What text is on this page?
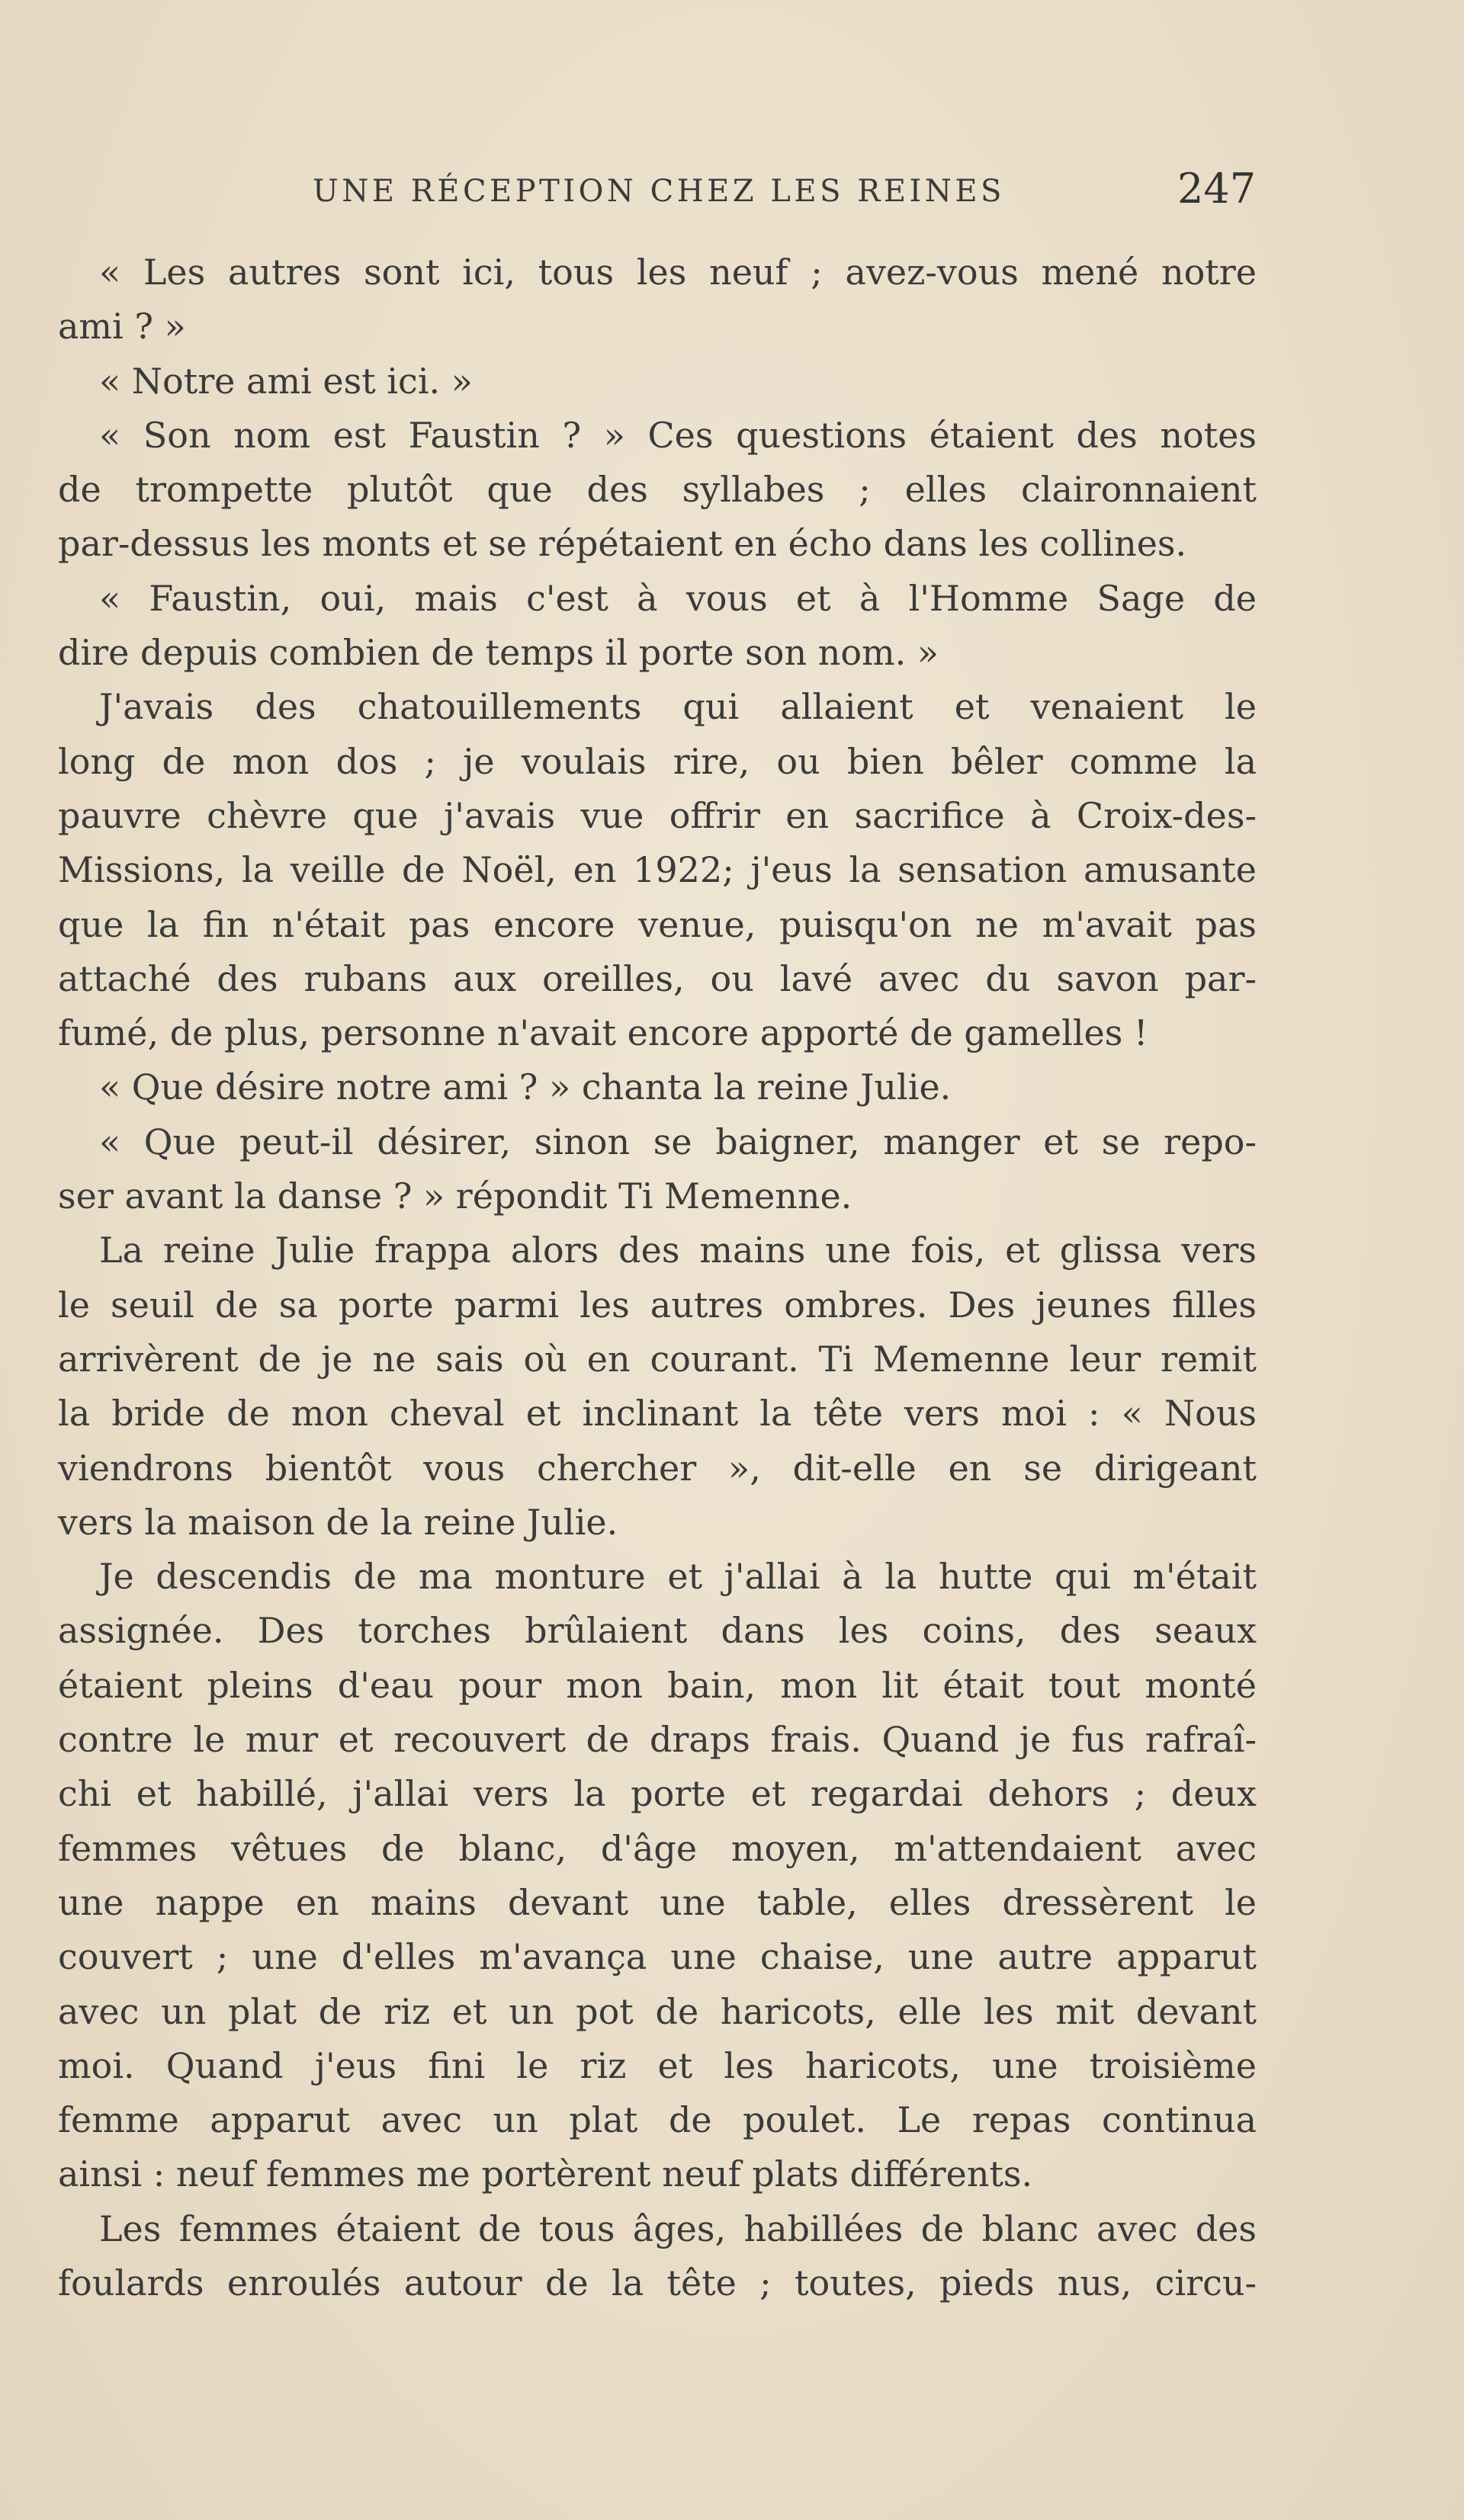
UNE RÉCEPTION CHEZ LES REINES	247
« Les autres sont ici, tous les neuf ; avez-vous mené notre
ami ? »
« Notre ami est ici. »
« Son nom est Faustin ? » Ces questions étaient des notes
de trompette plutôt que des syllabes ; elles claironnaient
par-dessus les monts et se répétaient en écho dans les collines.
« Faustin, oui, mais c'est à vous et à l'Homme Sage de
dire depuis combien de temps il porte son nom. »
J'avais des chatouillements qui allaient et venaient le
long de mon dos ; je voulais rire, ou bien bêler comme la
pauvre chèvre que j'avais vue offrir en sacrifice à Croix-des-
Missions, la veille de Noël, en 1922; j'eus la sensation amusante
que la fin n'était pas encore venue, puisqu'on ne m'avait pas
attaché des rubans aux oreilles, ou lavé avec du savon par-
fumé, de plus, personne n'avait encore apporté de gamelles !
« Que désire notre ami ? » chanta la reine Julie.
« Que peut-il désirer, sinon se baigner, manger et se repo-
ser avant la danse ? » répondit Ti Memenne.
La reine Julie frappa alors des mains une fois, et glissa vers
le seuil de sa porte parmi les autres ombres. Des jeunes filles
arrivèrent de je ne sais où en courant. Ti Memenne leur remit
la bride de mon cheval et inclinant la tête vers moi : « Nous
viendrons bientôt vous chercher », dit-elle en se dirigeant
vers la maison de la reine Julie.
Je descendis de ma monture et j'allai à la hutte qui m'était
assignée. Des torches brûlaient dans les coins, des seaux
étaient pleins d'eau pour mon bain, mon lit était tout monté
contre le mur et recouvert de draps frais. Quand je fus rafraî-
chi et habillé, j'allai vers la porte et regardai dehors ; deux
femmes vêtues de blanc, d'âge moyen, m'attendaient avec
une nappe en mains devant une table, elles dressèrent le
couvert ; une d'elles m'avança une chaise, une autre apparut
avec un plat de riz et un pot de haricots, elle les mit devant
moi. Quand j'eus fini le riz et les haricots, une troisième
femme apparut avec un plat de poulet. Le repas continua
ainsi : neuf femmes me portèrent neuf plats différents.
Les femmes étaient de tous âges, habillées de blanc avec des
foulards enroulés autour de la tête ; toutes, pieds nus, circu-
